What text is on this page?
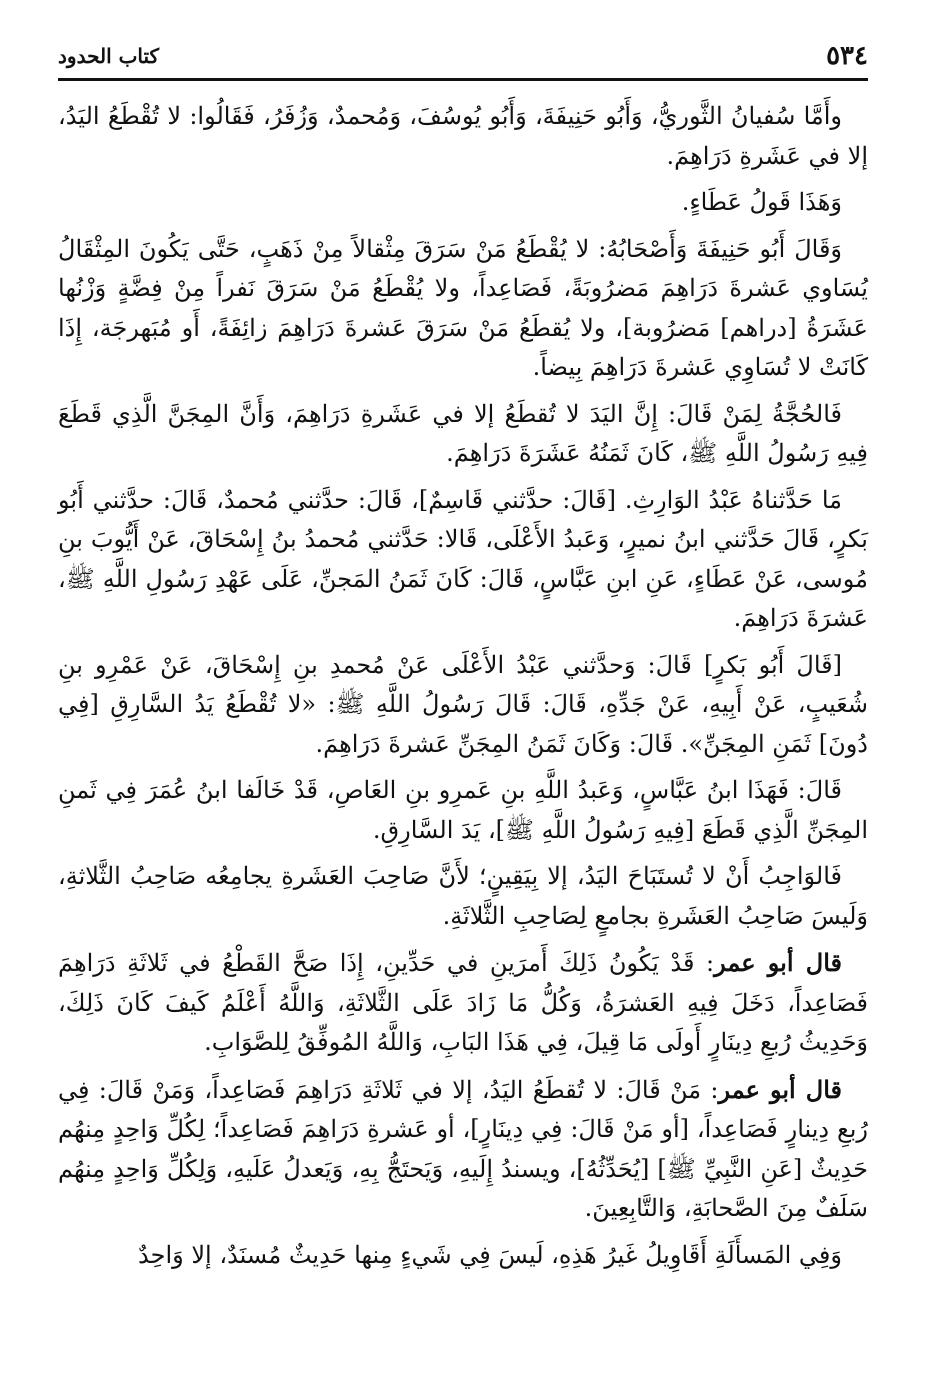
٥٣٤
كتاب الحدود

وأَمَّا سُفيانُ الثَّوريُّ، وَأَبُو حَنِيفَةَ، وَأَبُو يُوسُفَ، وَمُحمدٌ، وَزُفَرُ، فَقَالُوا: لا تُقْطَعُ اليَدُ، إلا في عَشَرةِ دَرَاهِمَ.

وَهَذَا قَولُ عَطَاءٍ.

وَقَالَ أَبُو حَنِيفَةَ وَأَصْحَابُهُ: لا يُقْطَعُ مَنْ سَرَقَ مِثْقالاً مِنْ ذَهَبٍ، حَتَّى يَكُونَ المِثْقَالُ يُسَاوي عَشرةَ دَرَاهِمَ مَضرُوبَةً، فَصَاعِداً، ولا يُقْطَعُ مَنْ سَرَقَ نَفراً مِنْ فِضَّةٍ وَزْنُها عَشَرَةُ [دراهم] مَضرُوبة]، ولا يُقطَعُ مَنْ سَرَقَ عَشرةَ دَرَاهِمَ زائِفَةً، أَو مُبَهرجَة، إِذَا كَانَتْ لا تُسَاوِي عَشرةَ دَرَاهِمَ بِيضاً.

فَالحُجَّةُ لِمَنْ قَالَ: إِنَّ اليَدَ لا تُقطَعُ إلا في عَشَرةِ دَرَاهِمَ، وَأَنَّ المِجَنَّ الَّذِي قَطَعَ فِيهِ رَسُولُ اللَّهِ ﷺ، كَانَ ثَمَنُهُ عَشَرَةَ دَرَاهِمَ.

مَا حَدَّثناهُ عَبْدُ الوَارِثِ. [قَالَ: حدَّثني قَاسِمٌ]، قَالَ: حدَّثني مُحمدٌ، قَالَ: حدَّثني أَبُو بَكرٍ، قَالَ حَدَّثني ابنُ نميرٍ، وَعَبدُ الأَعْلَى، قَالا: حَدَّثني مُحمدُ بنُ إِسْحَاقَ، عَنْ أَيُّوبَ بنِ مُوسى، عَنْ عَطَاءٍ، عَنِ ابنِ عَبَّاسٍ، قَالَ: كَانَ ثَمَنُ المَجنِّ، عَلَى عَهْدِ رَسُولِ اللَّهِ ﷺ، عَشرَةَ دَرَاهِمَ.

[قَالَ أَبُو بَكرٍ] قَالَ: وَحدَّثني عَبْدُ الأَعْلَى عَنْ مُحمدِ بنِ إِسْحَاقَ، عَنْ عَمْرِو بنِ شُعَيبٍ، عَنْ أَبِيهِ، عَنْ جَدِّهِ، قَالَ: قَالَ رَسُولُ اللَّهِ ﷺ: «لا تُقْطَعُ يَدُ السَّارِقِ [فِي دُونَ] ثَمَنِ المِجَنِّ». قَالَ: وَكَانَ ثَمَنُ المِجَنِّ عَشرةَ دَرَاهِمَ.

قَالَ: فَهَذَا ابنُ عَبَّاسٍ، وَعَبدُ اللَّهِ بنِ عَمرِو بنِ العَاصِ، قَدْ خَالَفا ابنُ عُمَرَ فِي ثَمنِ المِجَنِّ الَّذِي قَطَعَ [فِيهِ رَسُولُ اللَّهِ ﷺ]، يَدَ السَّارِقِ.

فَالوَاجِبُ أَنْ لا تُستَبَاحَ اليَدُ، إلا بِيَقِينٍ؛ لأَنَّ صَاحِبَ العَشَرةِ يجامِعُه صَاحِبُ الثَّلاثةِ، وَلَيسَ صَاحِبُ العَشَرةِ بجامعٍ لِصَاحِبِ الثَّلاثَةِ.

قال أبو عمر: قَدْ يَكُونُ ذَلِكَ أَمرَينِ في حَدِّينِ، إِذَا صَحَّ القَطْعُ في ثَلاثَةِ دَرَاهِمَ فَصَاعِداً، دَخَلَ فِيهِ العَشرَةُ، وَكُلُّ مَا زَادَ عَلَى الثَّلاثَةِ، وَاللَّهُ أَعْلَمُ كَيفَ كَانَ ذَلِكَ، وَحَدِيثُ رُبعِ دِينَارٍ أَولَى مَا قِيلَ، فِي هَذَا البَابِ، وَاللَّهُ المُوفِّقُ لِلصَّوَابِ.

قال أبو عمر: مَنْ قَالَ: لا تُقطَعُ اليَدُ، إلا في ثَلاثَةِ دَرَاهِمَ فَصَاعِداً، وَمَنْ قَالَ: فِي رُبعِ دِينارٍ فَصَاعِداً، [أو مَنْ قَالَ: فِي دِينَارٍ]، أو عَشرةِ دَرَاهِمَ فَصَاعِداً؛ لِكُلِّ وَاحِدٍ مِنهُم حَدِيثٌ [عَنِ النَّبِيِّ ﷺ] [يُحَدِّثُهُ]، ويسندُ إِلَيهِ، وَيَحتَجُّ بِهِ، وَيَعدلُ عَلَيهِ، وَلِكُلِّ وَاحِدٍ مِنهُم سَلَفٌ مِنَ الصَّحابَةِ، وَالتَّابِعِينَ.

وَفِي المَسأَلَةِ أَقَاوِيلُ غَيرُ هَذِهِ، لَيسَ فِي شَيءٍ مِنها حَدِيثٌ مُسنَدٌ، إلا وَاحِدٌ
